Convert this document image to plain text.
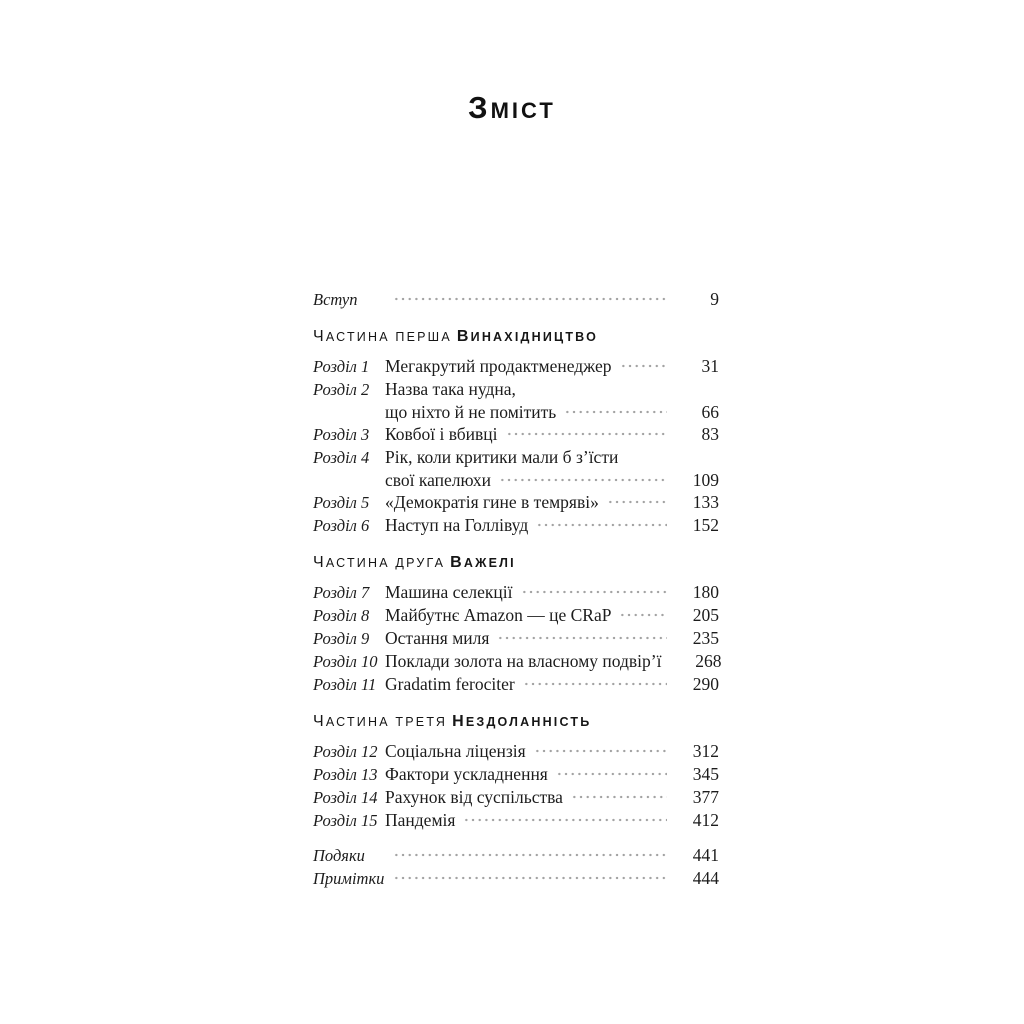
ЗМІСТ
Вступ	9
ЧАСТИНА ПЕРША ВИНАХІДНИЦТВО
Розділ 1 Мегакрутий продактменеджер	31
Розділ 2 Назва така нудна,
що ніхто й не помітить	66
Розділ 3 Ковбої і вбивці	83
Розділ 4 Рік, коли критики мали б з’їсти
свої капелюхи	109
Розділ 5 «Демократія гине в темряві»	133
Розділ 6 Наступ на Голлівуд	152
ЧАСТИНА ДРУГА ВАЖЕЛІ
Розділ 7 Машина селекції	180
Розділ 8 Майбутнє Amazon — це CRaP	205
Розділ 9 Остання миля	235
Розділ 10 Поклади золота на власному подвір’ї	268
Розділ 11 Gradatim ferociter	290
ЧАСТИНА ТРЕТЯ НЕЗДОЛАННІСТЬ
Розділ 12 Соціальна ліцензія	312
Розділ 13 Фактори ускладнення	345
Розділ 14 Рахунок від суспільства	377
Розділ 15 Пандемія	412
Подяки	441
Примітки	444
